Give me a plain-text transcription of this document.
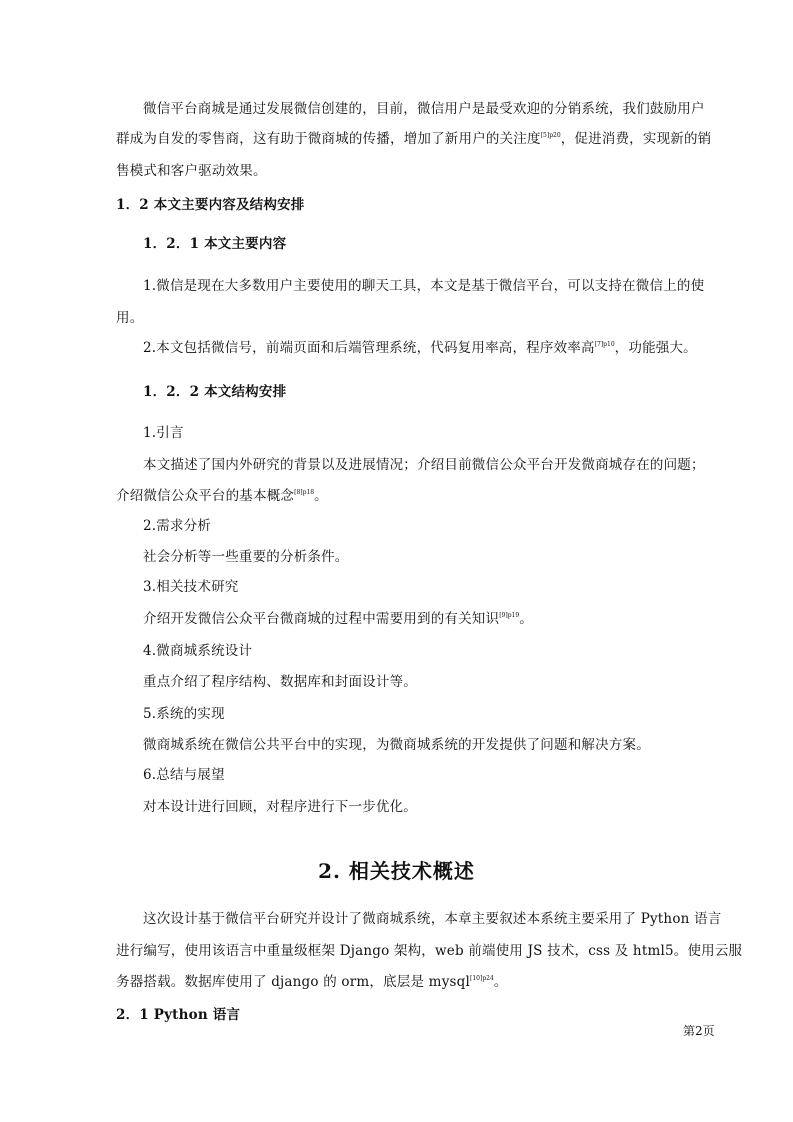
微信平台商城是通过发展微信创建的，目前，微信用户是最受欢迎的分销系统，我们鼓励用户
群成为自发的零售商，这有助于微商城的传播，增加了新用户的关注度$^{[5]p20}$，促进消费，实现新的销
售模式和客户驱动效果。
1．2 本文主要内容及结构安排
1．2．1 本文主要内容
1.微信是现在大多数用户主要使用的聊天工具，本文是基于微信平台，可以支持在微信上的使
用。
2.本文包括微信号，前端页面和后端管理系统，代码复用率高，程序效率高$^{[7]p10}$，功能强大。
1．2．2 本文结构安排
1.引言
本文描述了国内外研究的背景以及进展情况；介绍目前微信公众平台开发微商城存在的问题；
介绍微信公众平台的基本概念$^{[8]p18}$。
2.需求分析
社会分析等一些重要的分析条件。
3.相关技术研究
介绍开发微信公众平台微商城的过程中需要用到的有关知识$^{[9]p19}$。
4.微商城系统设计
重点介绍了程序结构、数据库和封面设计等。
5.系统的实现
微商城系统在微信公共平台中的实现，为微商城系统的开发提供了问题和解决方案。
6.总结与展望
对本设计进行回顾，对程序进行下一步优化。
2. 相关技术概述
这次设计基于微信平台研究并设计了微商城系统，本章主要叙述本系统主要采用了 Python 语言
进行编写，使用该语言中重量级框架 Django 架构，web 前端使用 JS 技术，css 及 html5。使用云服
务器搭载。数据库使用了 django 的 orm，底层是 mysql$^{[10]p24}$。
2．1 Python 语言
第2页
